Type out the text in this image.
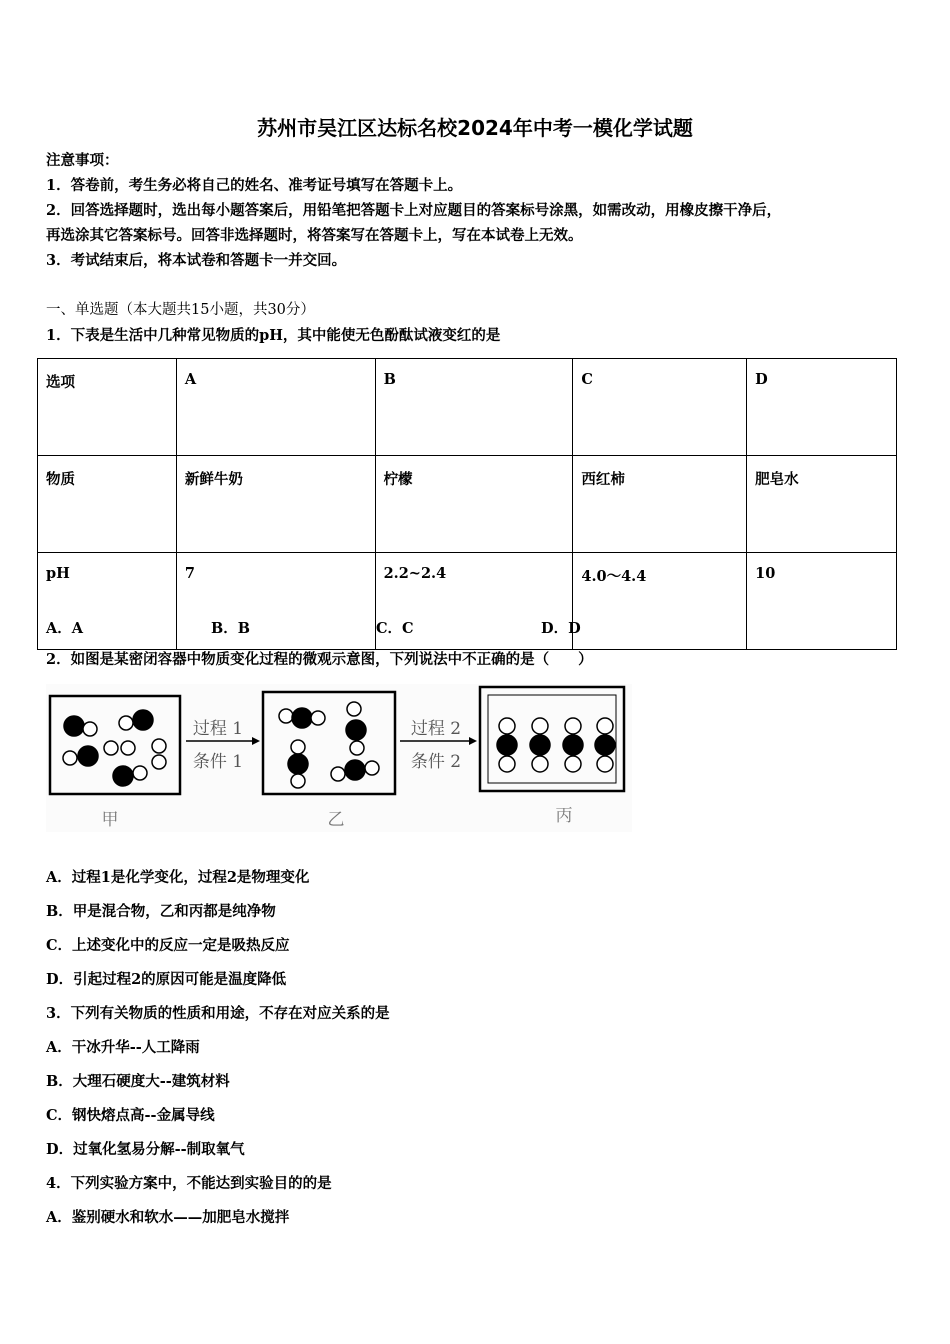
苏州市吴江区达标名校2024年中考一模化学试题
注意事项：
1．答卷前，考生务必将自己的姓名、准考证号填写在答题卡上。
2．回答选择题时，选出每小题答案后，用铅笔把答题卡上对应题目的答案标号涂黑，如需改动，用橡皮擦干净后，
再选涂其它答案标号。回答非选择题时，将答案写在答题卡上，写在本试卷上无效。
3．考试结束后，将本试卷和答题卡一并交回。
一、单选题（本大题共15小题，共30分）
1．下表是生活中几种常见物质的pH，其中能使无色酚酞试液变红的是
选项	A	B	C	D
物质	新鲜牛奶	柠檬	西红柿	肥皂水
pH	7	2.2~2.4	4.0～4.4	10
A．A	B．B	C．C	D．D
2．如图是某密闭容器中物质变化过程的微观示意图，下列说法中不正确的是（　　）
过程 1
条件 1
过程 2
条件 2
甲	乙	丙
A．过程1是化学变化，过程2是物理变化
B．甲是混合物，乙和丙都是纯净物
C．上述变化中的反应一定是吸热反应
D．引起过程2的原因可能是温度降低
3．下列有关物质的性质和用途，不存在对应关系的是
A．干冰升华--人工降雨
B．大理石硬度大--建筑材料
C．钢快熔点高--金属导线
D．过氧化氢易分解--制取氧气
4．下列实验方案中，不能达到实验目的的是
A．鉴别硬水和软水——加肥皂水搅拌
